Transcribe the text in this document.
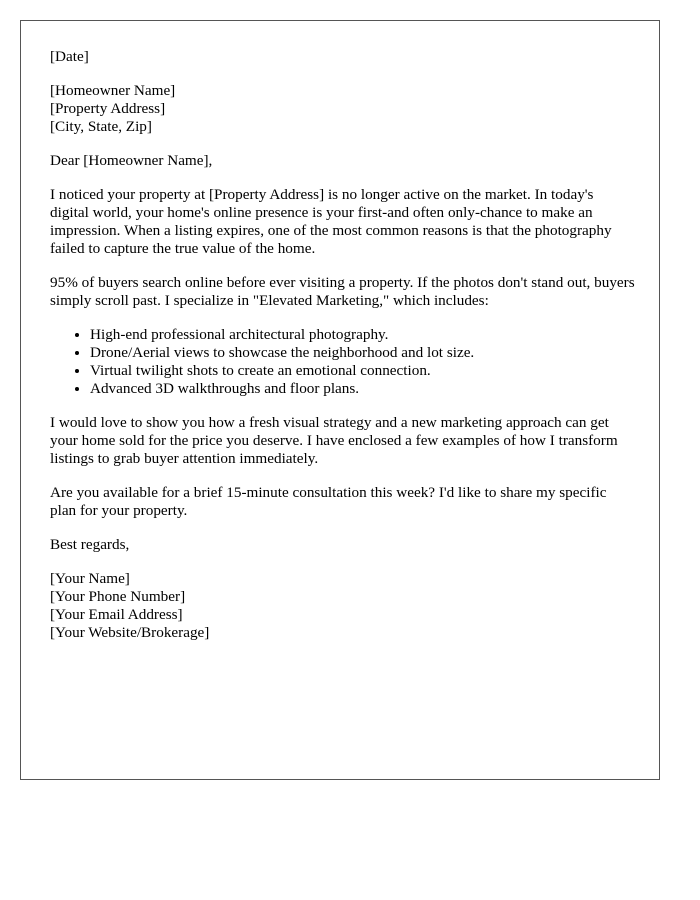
[Date]
[Homeowner Name]
[Property Address]
[City, State, Zip]
Dear [Homeowner Name],

I noticed your property at [Property Address] is no longer active on the market. In today's digital world, your home's online presence is your first-and often only-chance to make an impression. When a listing expires, one of the most common reasons is that the photography failed to capture the true value of the home.

95% of buyers search online before ever visiting a property. If the photos don't stand out, buyers simply scroll past. I specialize in "Elevated Marketing," which includes:

• High-end professional architectural photography.
• Drone/Aerial views to showcase the neighborhood and lot size.
• Virtual twilight shots to create an emotional connection.
• Advanced 3D walkthroughs and floor plans.

I would love to show you how a fresh visual strategy and a new marketing approach can get your home sold for the price you deserve. I have enclosed a few examples of how I transform listings to grab buyer attention immediately.

Are you available for a brief 15-minute consultation this week? I'd like to share my specific plan for your property.

Best regards,
[Your Name]
[Your Phone Number]
[Your Email Address]
[Your Website/Brokerage]
